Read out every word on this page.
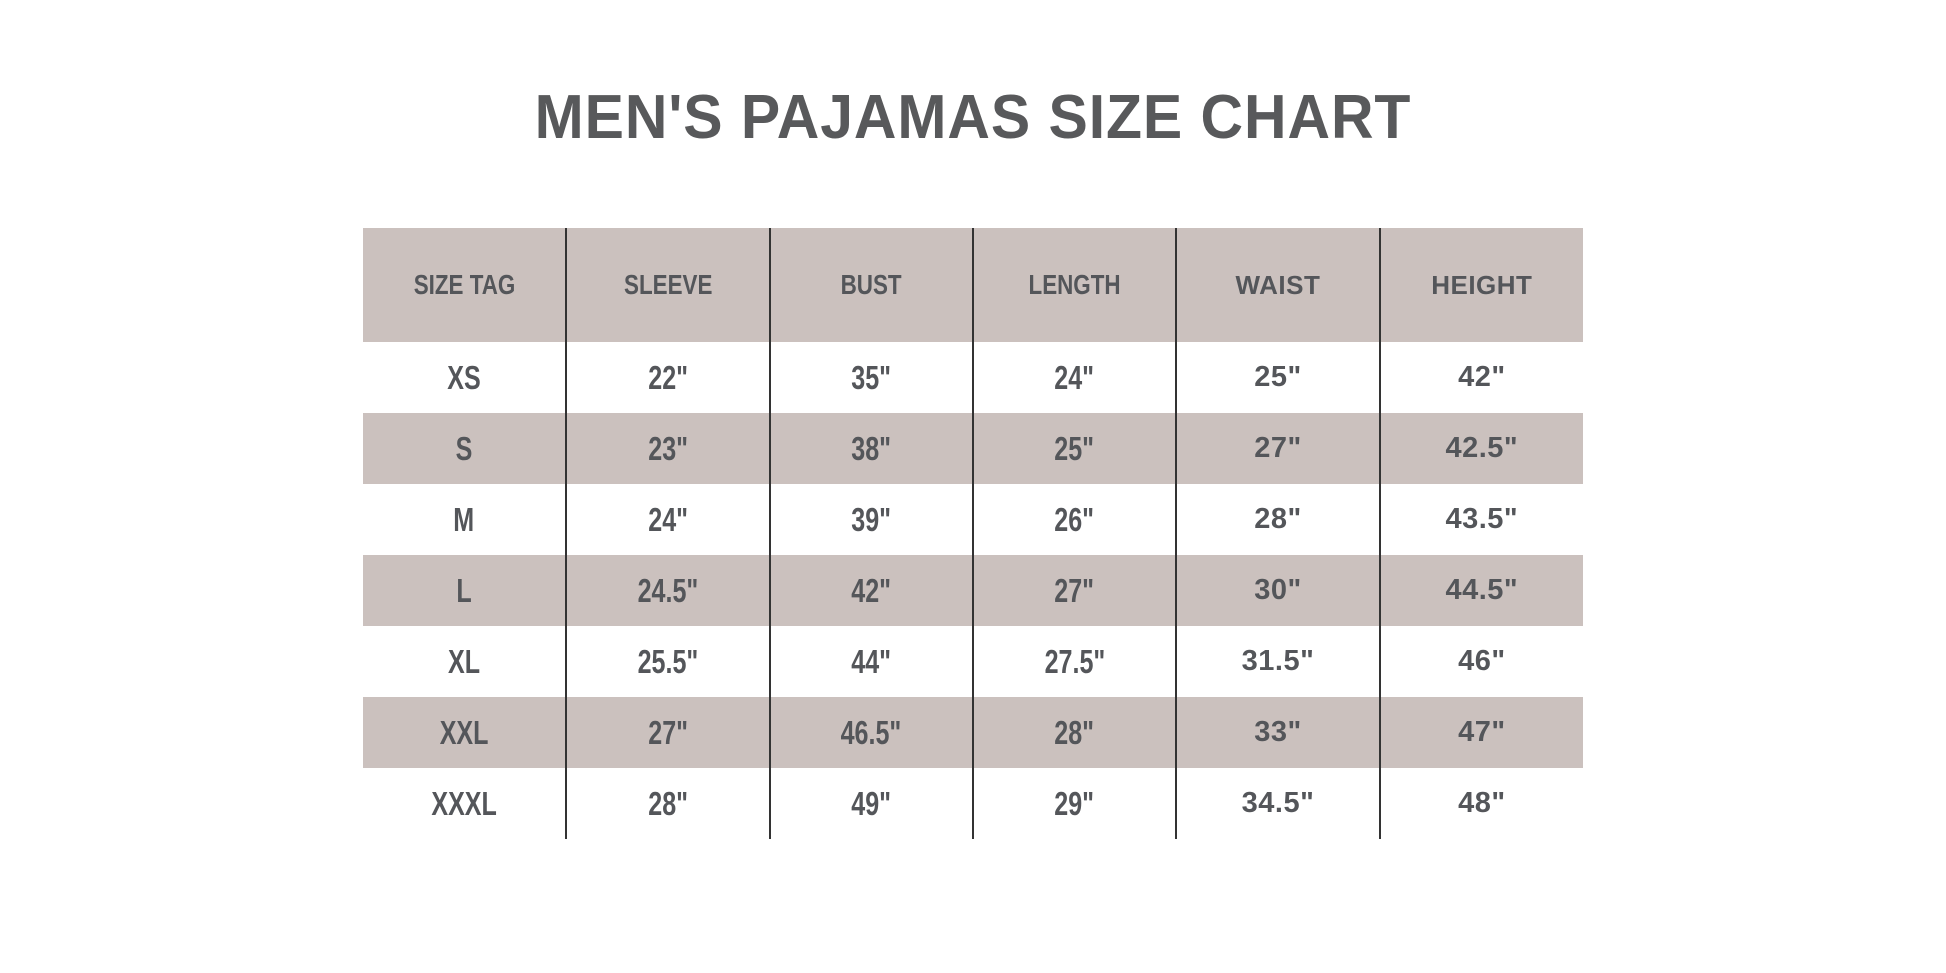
MEN'S PAJAMAS SIZE CHART
SIZE TAG	SLEEVE	BUST	LENGTH	WAIST	HEIGHT
XS	22"	35"	24"	25"	42"
S	23"	38"	25"	27"	42.5"
M	24"	39"	26"	28"	43.5"
L	24.5"	42"	27"	30"	44.5"
XL	25.5"	44"	27.5"	31.5"	46"
XXL	27"	46.5"	28"	33"	47"
XXXL	28"	49"	29"	34.5"	48"
